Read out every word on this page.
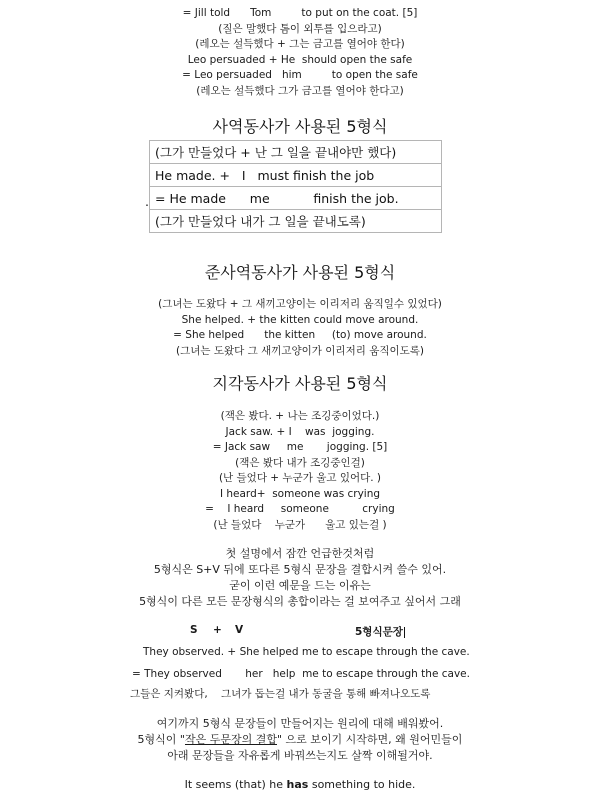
= Jill told      Tom         to put on the coat. [5]
(질은 말했다 톰이 외투를 입으라고)
(레오는 설득했다 + 그는 금고를 열어야 한다)
Leo persuaded + He  should open the safe
= Leo persuaded   him         to open the safe
(레오는 설득했다 그가 금고를 열어야 한다고)
사역동사가 사용된 5형식
(그가 만들었다 + 난 그 일을 끝내야만 했다)
He made. +   I   must finish the job
= He made      me           finish the job.
(그가 만들었다 내가 그 일을 끝내도록)
.
준사역동사가 사용된 5형식
(그녀는 도왔다 + 그 새끼고양이는 이리저리 움직일수 있었다)
She helped. + the kitten could move around.
= She helped      the kitten     (to) move around.
(그녀는 도왔다 그 새끼고양이가 이리저리 움직이도록)
지각동사가 사용된 5형식
(잭은 봤다. + 나는 조깅중이었다.)
Jack saw. + I    was  jogging.
= Jack saw     me       jogging. [5]
(잭은 봤다 내가 조깅중인걸)
(난 들었다 + 누군가 울고 있어다. )
I heard+  someone was crying
=    I heard     someone          crying
(난 들었다    누군가      울고 있는걸 )
첫 설명에서 잠깐 언급한것처럼
5형식은 S+V 뒤에 또다른 5형식 문장을 결합시켜 쓸수 있어.
굳이 이런 예문을 드는 이유는
5형식이 다른 모든 문장형식의 총합이라는 걸 보여주고 싶어서 그래
S + V	5형식문장
They observed. + She helped me to escape through the cave.
= They observed       her   help  me to escape through the cave.
그들은 지켜봤다,    그녀가 돕는걸 내가 동굴을 통해 빠져나오도록
여기까지 5형식 문장들이 만들어지는 원리에 대해 배워봤어.
5형식이 "작은 두문장의 결합" 으로 보이기 시작하면, 왜 원어민들이
아래 문장들을 자유롭게 바꿔쓰는지도 살짝 이해될거야.
It seems (that) he has something to hide.
